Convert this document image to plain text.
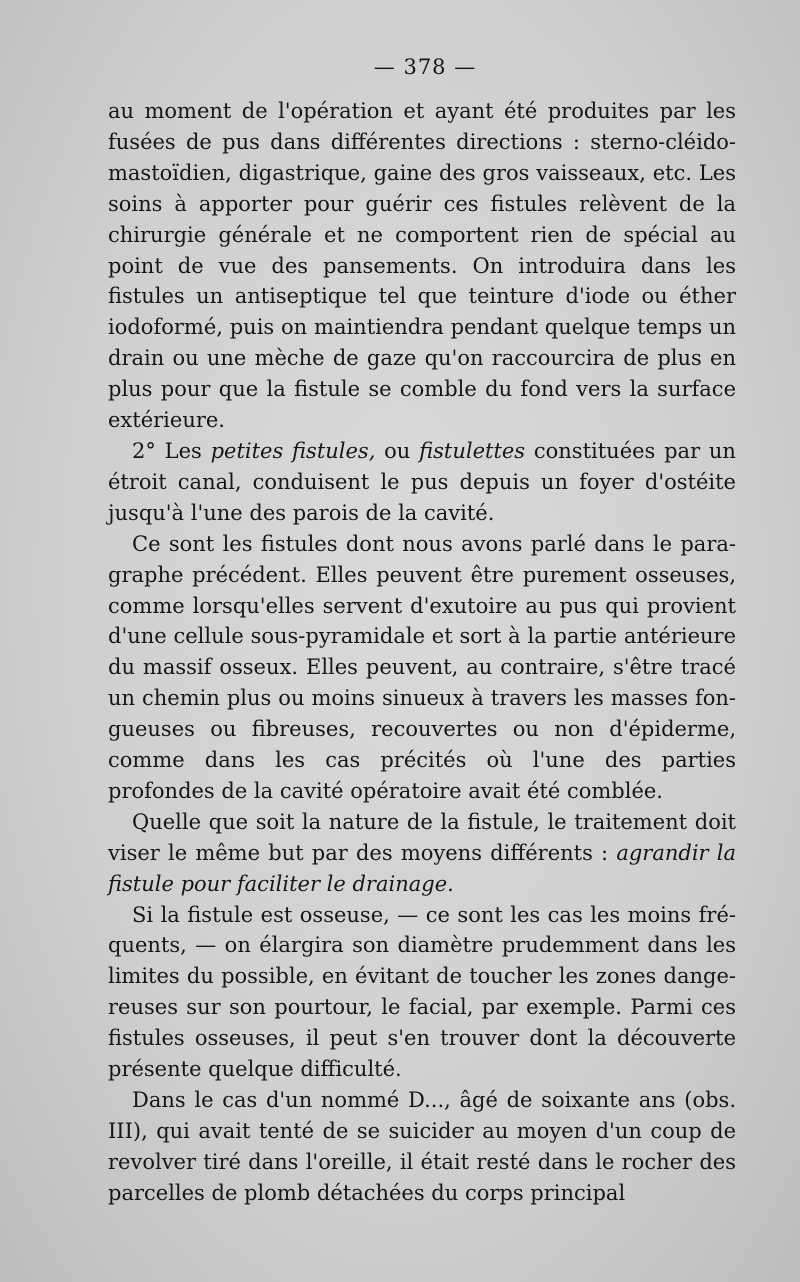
— 378 —

au moment de l'opération et ayant été produites par les fusées de pus dans différentes directions : sterno-cléido-mastoïdien, digastrique, gaine des gros vaisseaux, etc. Les soins à apporter pour guérir ces fistules relèvent de la chirurgie générale et ne comportent rien de spécial au point de vue des pansements. On introduira dans les fistules un antiseptique tel que teinture d'iode ou éther iodoformé, puis on maintiendra pendant quelque temps un drain ou une mèche de gaze qu'on raccourcira de plus en plus pour que la fistule se comble du fond vers la surface extérieure.

2° Les petites fistules, ou fistulettes constituées par un étroit canal, conduisent le pus depuis un foyer d'ostéite jusqu'à l'une des parois de la cavité.

Ce sont les fistules dont nous avons parlé dans le paragraphe précédent. Elles peuvent être purement osseuses, comme lorsqu'elles servent d'exutoire au pus qui provient d'une cellule sous-pyramidale et sort à la partie antérieure du massif osseux. Elles peuvent, au contraire, s'être tracé un chemin plus ou moins sinueux à travers les masses fongueuses ou fibreuses, recouvertes ou non d'épiderme, comme dans les cas précités où l'une des parties profondes de la cavité opératoire avait été comblée.

Quelle que soit la nature de la fistule, le traitement doit viser le même but par des moyens différents : agrandir la fistule pour faciliter le drainage.

Si la fistule est osseuse, — ce sont les cas les moins fréquents, — on élargira son diamètre prudemment dans les limites du possible, en évitant de toucher les zones dangereuses sur son pourtour, le facial, par exemple. Parmi ces fistules osseuses, il peut s'en trouver dont la découverte présente quelque difficulté.

Dans le cas d'un nommé D..., âgé de soixante ans (obs. III), qui avait tenté de se suicider au moyen d'un coup de revolver tiré dans l'oreille, il était resté dans le rocher des parcelles de plomb détachées du corps principal
